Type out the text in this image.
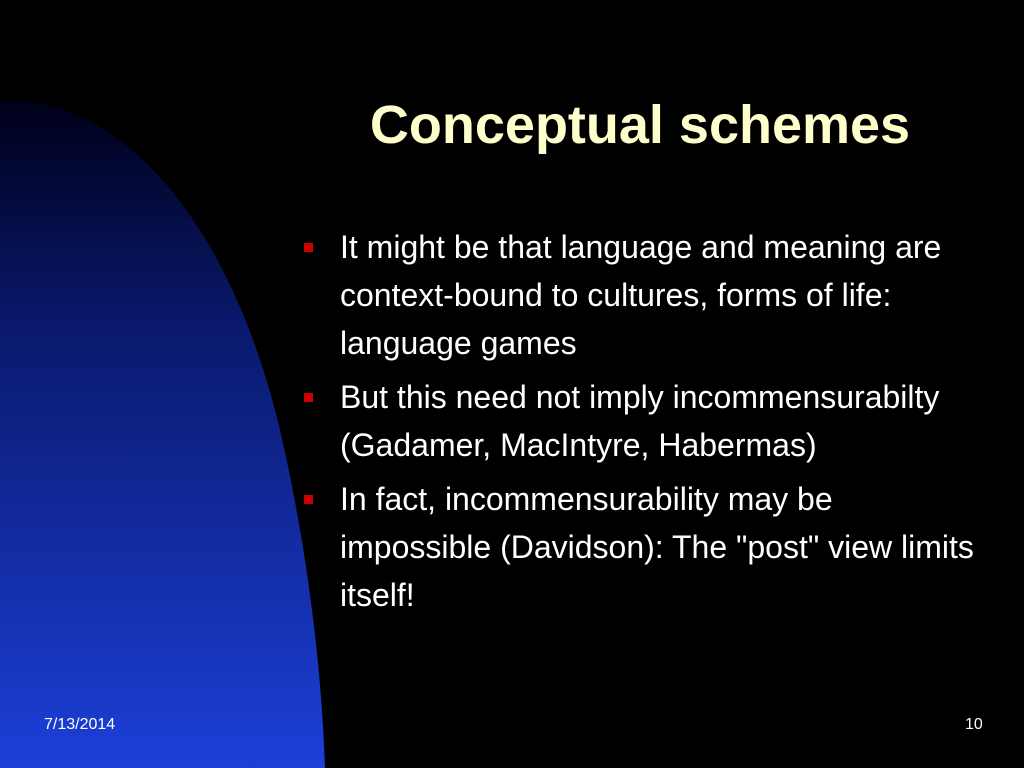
Conceptual schemes
It might be that language and meaning are context-bound to cultures, forms of life: language games
But this need not imply incommensurabilty (Gadamer, MacIntyre, Habermas)
In fact, incommensurability may be impossible (Davidson): The "post" view limits itself!
7/13/2014	10
